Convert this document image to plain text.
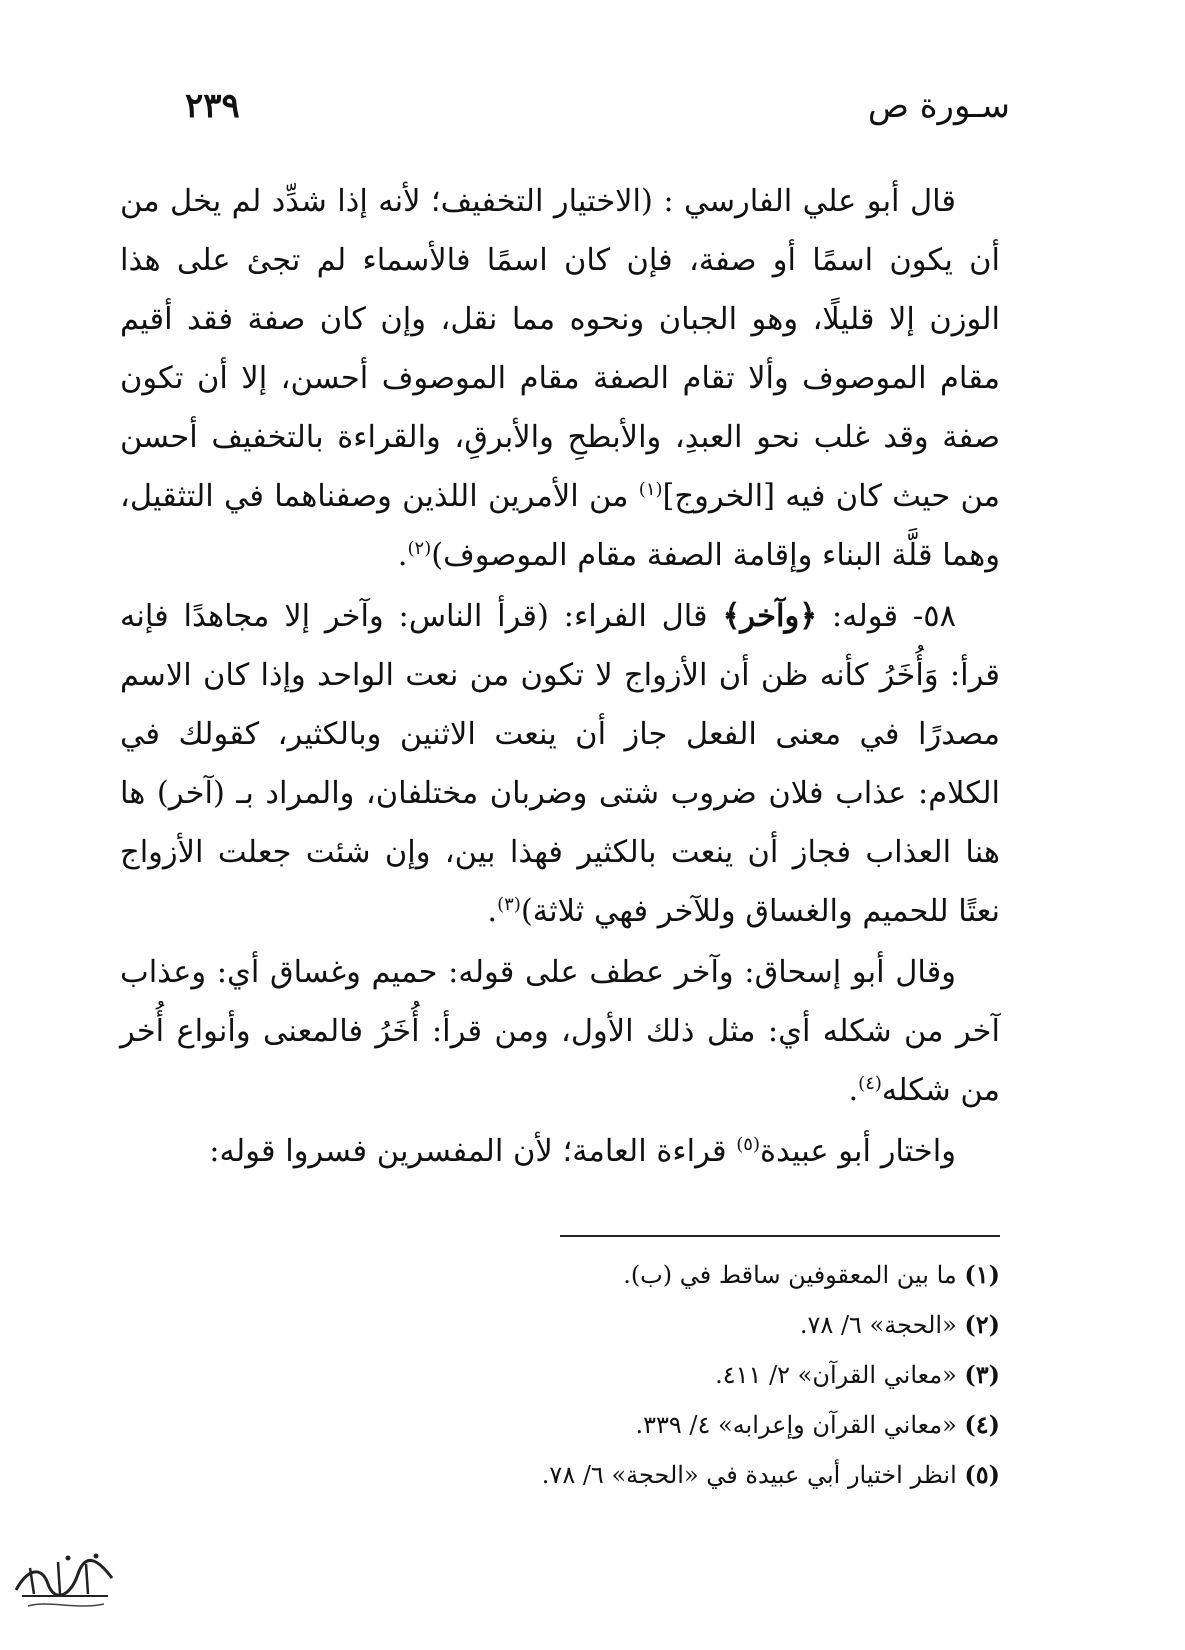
سـورة ص
٢٣٩

قال أبو علي الفارسي : (الاختيار التخفيف؛ لأنه إذا شدِّد لم يخل من أن يكون اسمًا أو صفة، فإن كان اسمًا فالأسماء لم تجئ على هذا الوزن إلا قليلًا، وهو الجبان ونحوه مما نقل، وإن كان صفة فقد أقيم مقام الموصوف وألا تقام الصفة مقام الموصوف أحسن، إلا أن تكون صفة وقد غلب نحو العبدِ، والأبطحِ والأبرقِ، والقراءة بالتخفيف أحسن من حيث كان فيه [الخروج]$^{(١)}$ من الأمرين اللذين وصفناهما في التثقيل، وهما قلَّة البناء وإقامة الصفة مقام الموصوف)$^{(٢)}$.

٥٨- قوله: ﴿وآخر﴾ قال الفراء: (قرأ الناس: وآخر إلا مجاهدًا فإنه قرأ: وَأُخَرُ كأنه ظن أن الأزواج لا تكون من نعت الواحد وإذا كان الاسم مصدرًا في معنى الفعل جاز أن ينعت الاثنين وبالكثير، كقولك في الكلام: عذاب فلان ضروب شتى وضربان مختلفان، والمراد بـ (آخر) ها هنا العذاب فجاز أن ينعت بالكثير فهذا بين، وإن شئت جعلت الأزواج نعتًا للحميم والغساق وللآخر فهي ثلاثة)$^{(٣)}$.

وقال أبو إسحاق: وآخر عطف على قوله: حميم وغساق أي: وعذاب آخر من شكله أي: مثل ذلك الأول، ومن قرأ: أُخَرُ فالمعنى وأنواع أُخر من شكله$^{(٤)}$.

واختار أبو عبيدة$^{(٥)}$ قراءة العامة؛ لأن المفسرين فسروا قوله:

(١) ما بين المعقوفين ساقط في (ب).

(٢) «الحجة» ٦/ ٧٨.

(٣) «معاني القرآن» ٢/ ٤١١.

(٤) «معاني القرآن وإعرابه» ٤/ ٣٣٩.

(٥) انظر اختيار أبي عبيدة في «الحجة» ٦/ ٧٨.
